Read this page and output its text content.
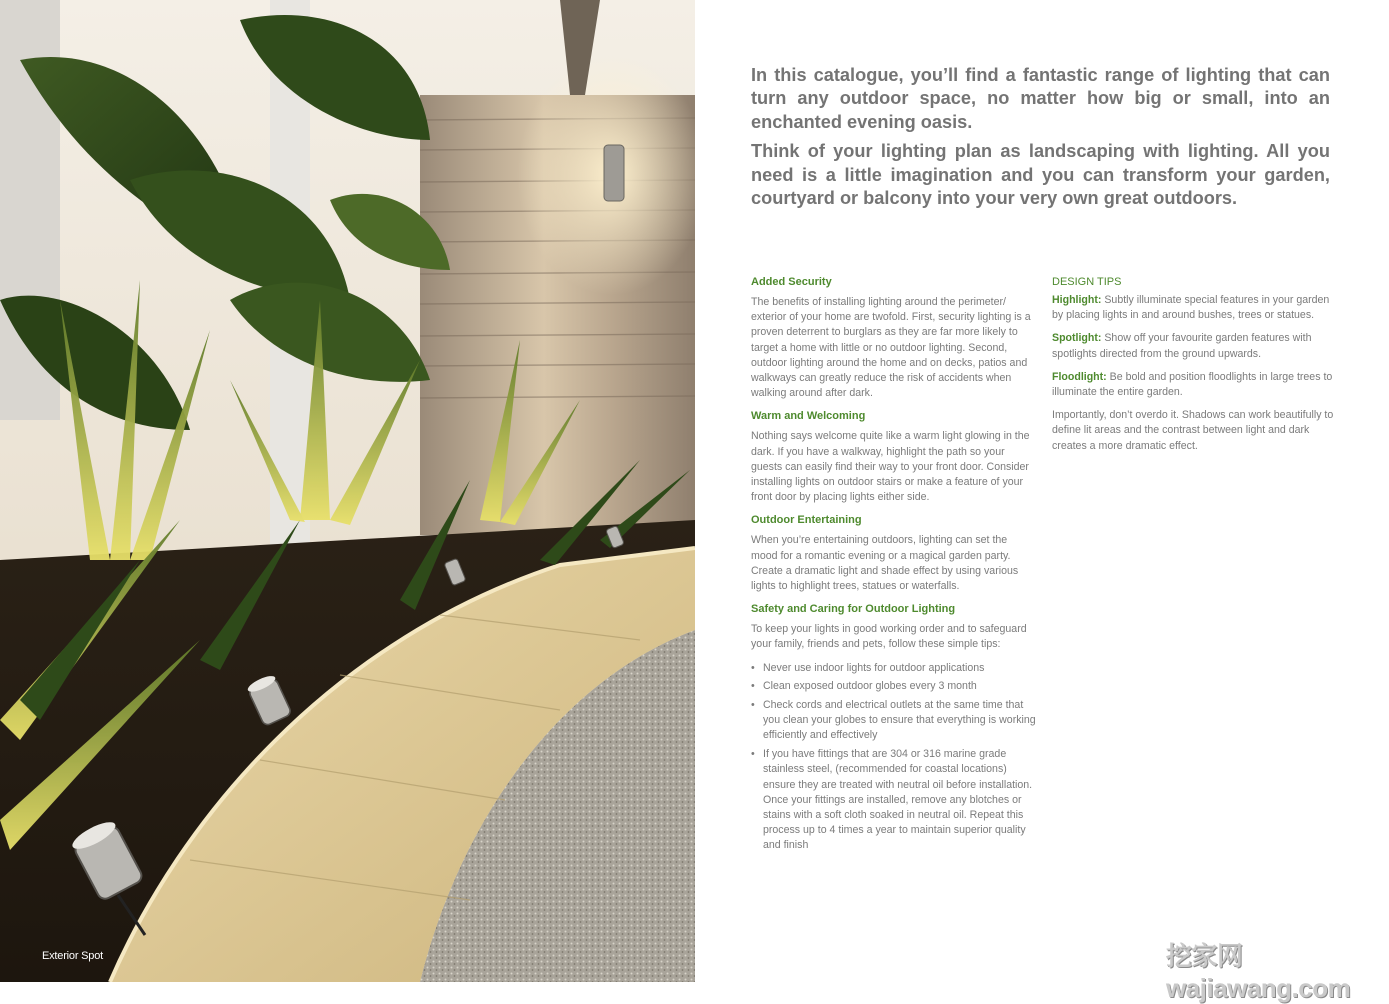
Exterior Spot

In this catalogue, you’ll find a fantastic range of lighting that can turn any outdoor space, no matter how big or small, into an enchanted evening oasis.

Think of your lighting plan as landscaping with lighting. All you need is a little imagination and you can transform your garden, courtyard or balcony into your very own great outdoors.

Added Security

The benefits of installing lighting around the perimeter/ exterior of your home are twofold. First, security lighting is a proven deterrent to burglars as they are far more likely to target a home with little or no outdoor lighting. Second, outdoor lighting around the home and on decks, patios and walkways can greatly reduce the risk of accidents when walking around after dark.

Warm and Welcoming

Nothing says welcome quite like a warm light glowing in the dark. If you have a walkway, highlight the path so your guests can easily find their way to your front door. Consider installing lights on outdoor stairs or make a feature of your front door by placing lights either side.

Outdoor Entertaining

When you’re entertaining outdoors, lighting can set the mood for a romantic evening or a magical garden party. Create a dramatic light and shade effect by using various lights to highlight trees, statues or waterfalls.

Safety and Caring for Outdoor Lighting

To keep your lights in good working order and to safeguard your family, friends and pets, follow these simple tips:

• Never use indoor lights for outdoor applications
• Clean exposed outdoor globes every 3 month
• Check cords and electrical outlets at the same time that you clean your globes to ensure that everything is working efficiently and effectively
• If you have fittings that are 304 or 316 marine grade stainless steel, (recommended for coastal locations) ensure they are treated with neutral oil before installation. Once your fittings are installed, remove any blotches or stains with a soft cloth soaked in neutral oil. Repeat this process up to 4 times a year to maintain superior quality and finish
DESIGN TIPS

Highlight: Subtly illuminate special features in your garden by placing lights in and around bushes, trees or statues.

Spotlight: Show off your favourite garden features with spotlights directed from the ground upwards.

Floodlight: Be bold and position floodlights in large trees to illuminate the entire garden.

Importantly, don’t overdo it. Shadows can work beautifully to define lit areas and the contrast between light and dark creates a more dramatic effect.

挖家网 wajiawang.com
